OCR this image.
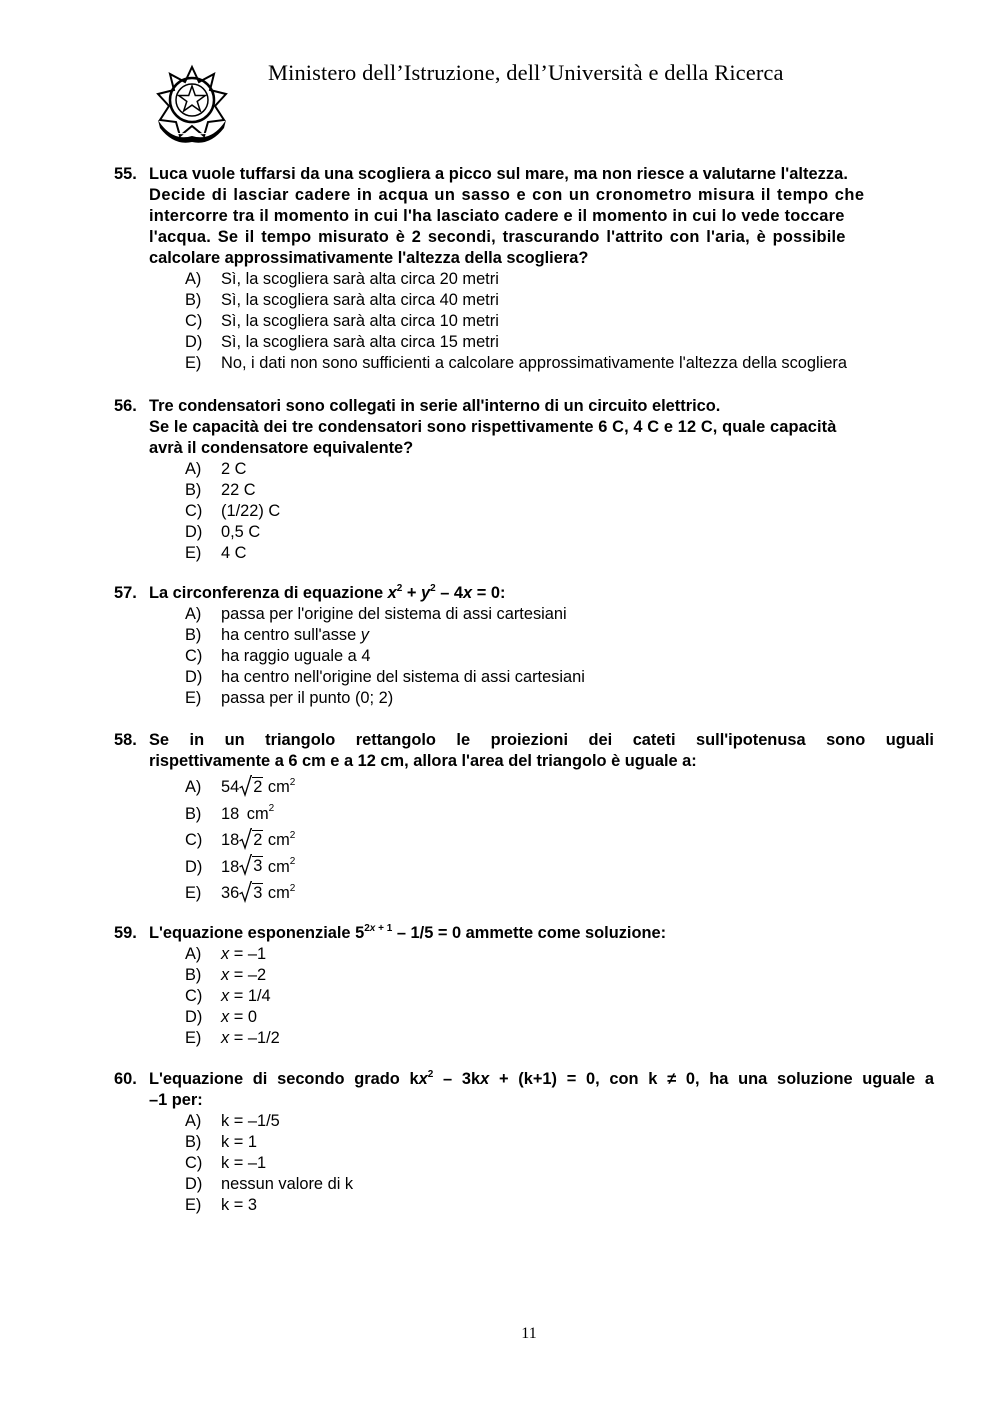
Ministero dell’Istruzione, dell’Università e della Ricerca
55. Luca vuole tuffarsi da una scogliera a picco sul mare, ma non riesce a valutarne l'altezza.
Decide di lasciar cadere in acqua un sasso e con un cronometro misura il tempo che
intercorre tra il momento in cui l'ha lasciato cadere e il momento in cui lo vede toccare
l'acqua. Se il tempo misurato è 2 secondi, trascurando l'attrito con l'aria, è possibile
calcolare approssimativamente l'altezza della scogliera?
A)	Sì, la scogliera sarà alta circa 20 metri
B)	Sì, la scogliera sarà alta circa 40 metri
C)	Sì, la scogliera sarà alta circa 10 metri
D)	Sì, la scogliera sarà alta circa 15 metri
E)	No, i dati non sono sufficienti a calcolare approssimativamente l'altezza della scogliera
56. Tre condensatori sono collegati in serie all'interno di un circuito elettrico.
Se le capacità dei tre condensatori sono rispettivamente 6 C, 4 C e 12 C, quale capacità
avrà il condensatore equivalente?
A)	2 C
B)	22 C
C)	(1/22) C
D)	0,5 C
E)	4 C
57. La circonferenza di equazione $x^2 + y^2 - 4x = 0$:
A)	passa per l'origine del sistema di assi cartesiani
B)	ha centro sull'asse y
C)	ha raggio uguale a 4
D)	ha centro nell'origine del sistema di assi cartesiani
E)	passa per il punto (0; 2)
58. Se in un triangolo rettangolo le proiezioni dei cateti sull'ipotenusa sono uguali
rispettivamente a 6 cm e a 12 cm, allora l'area del triangolo è uguale a:
A)	54 2 $cm^2$
B)	18 $cm^2$
C)	18 2 $cm^2$
D)	18 3 $cm^2$
E)	36 3 $cm^2$
59. L'equazione esponenziale $5^{2x + 1} - 1/5 = 0$ ammette come soluzione:
A)	x = –1
B)	x = –2
C)	x = 1/4
D)	x = 0
E)	x = –1/2
60. L'equazione di secondo grado $kx^2 - 3kx + (k+1) = 0$, con k ≠ 0, ha una soluzione uguale a
–1 per:
A)	k = –1/5
B)	k = 1
C)	k = –1
D)	nessun valore di k
E)	k = 3
11
